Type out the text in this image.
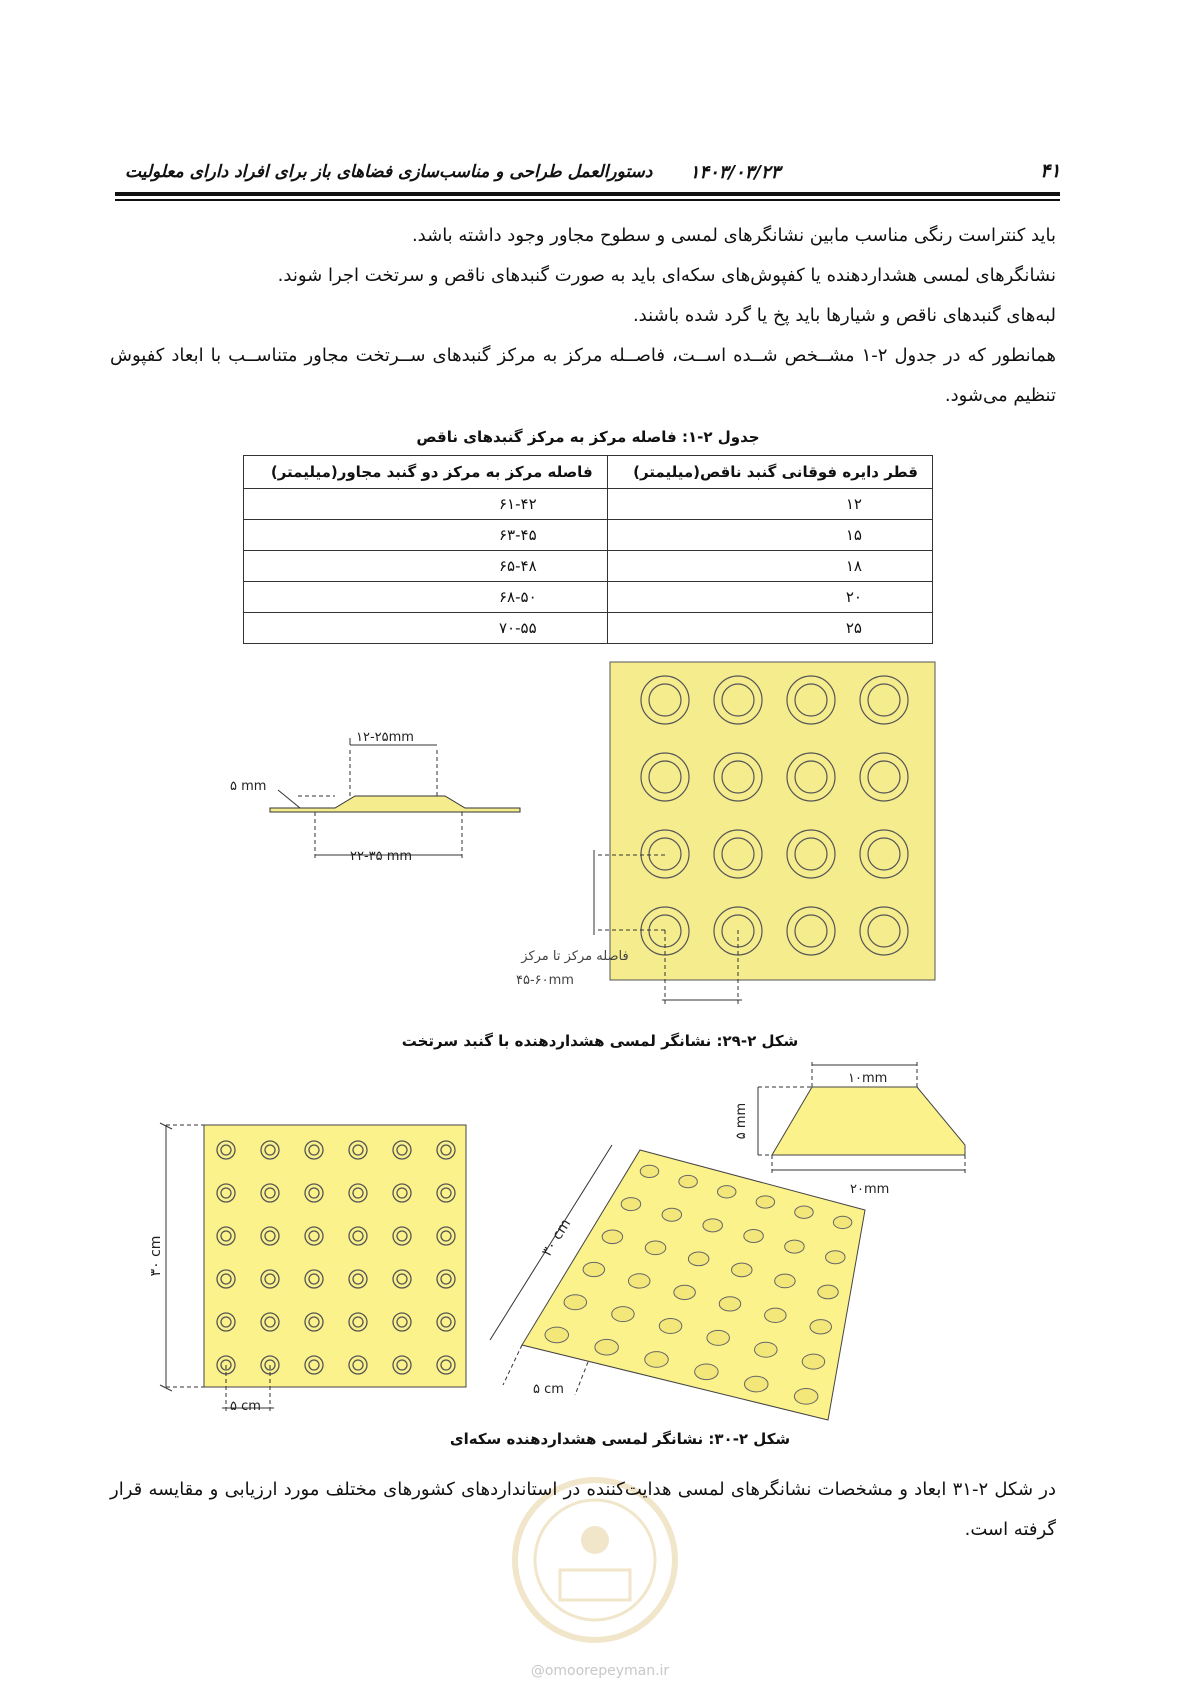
۴۱
۱۴۰۳/۰۳/۲۳
دستورالعمل طراحی و مناسب‌سازی فضاهای باز برای افراد دارای معلولیت
باید کنتراست رنگی مناسب مابین نشانگرهای لمسی و سطوح مجاور وجود داشته باشد.
نشانگرهای لمسی هشداردهنده یا کفپوش‌های سکه‌ای باید به صورت گنبدهای ناقص و سرتخت اجرا شوند.
لبه‌های گنبدهای ناقص و شیارها باید پخ یا گرد شده باشند.
همانطور که در جدول ۲-۱ مشــخص شــده اســت، فاصــله مرکز به مرکز گنبدهای ســرتخت مجاور متناســب با ابعاد کفپوش تنظیم می‌شود.
جدول ۲-۱: فاصله مرکز به مرکز گنبدهای ناقص
قطر دایره فوقانی گنبد ناقص(میلیمتر)	فاصله مرکز به مرکز دو گنبد مجاور(میلیمتر)
۱۲	۶۱-۴۲
۱۵	۶۳-۴۵
۱۸	۶۵-۴۸
۲۰	۶۸-۵۰
۲۵	۷۰-۵۵
۱۲-۲۵mm
۵ mm
۲۲-۳۵ mm
فاصله مرکز تا مرکز
۴۵-۶۰mm
۳۰ cm
۵ cm
۳۰ cm
۵ cm
۱۰mm
۲۰mm
۵ mm
شکل ۲-۲۹: نشانگر لمسی هشداردهنده با گنبد سرتخت
شکل ۲-۳۰: نشانگر لمسی هشداردهنده سکه‌ای
در شکل ۲-۳۱ ابعاد و مشخصات نشانگرهای لمسی هدایت‌کننده در استانداردهای کشورهای مختلف مورد ارزیابی و مقایسه قرار گرفته است.
@omoorepeyman.ir
